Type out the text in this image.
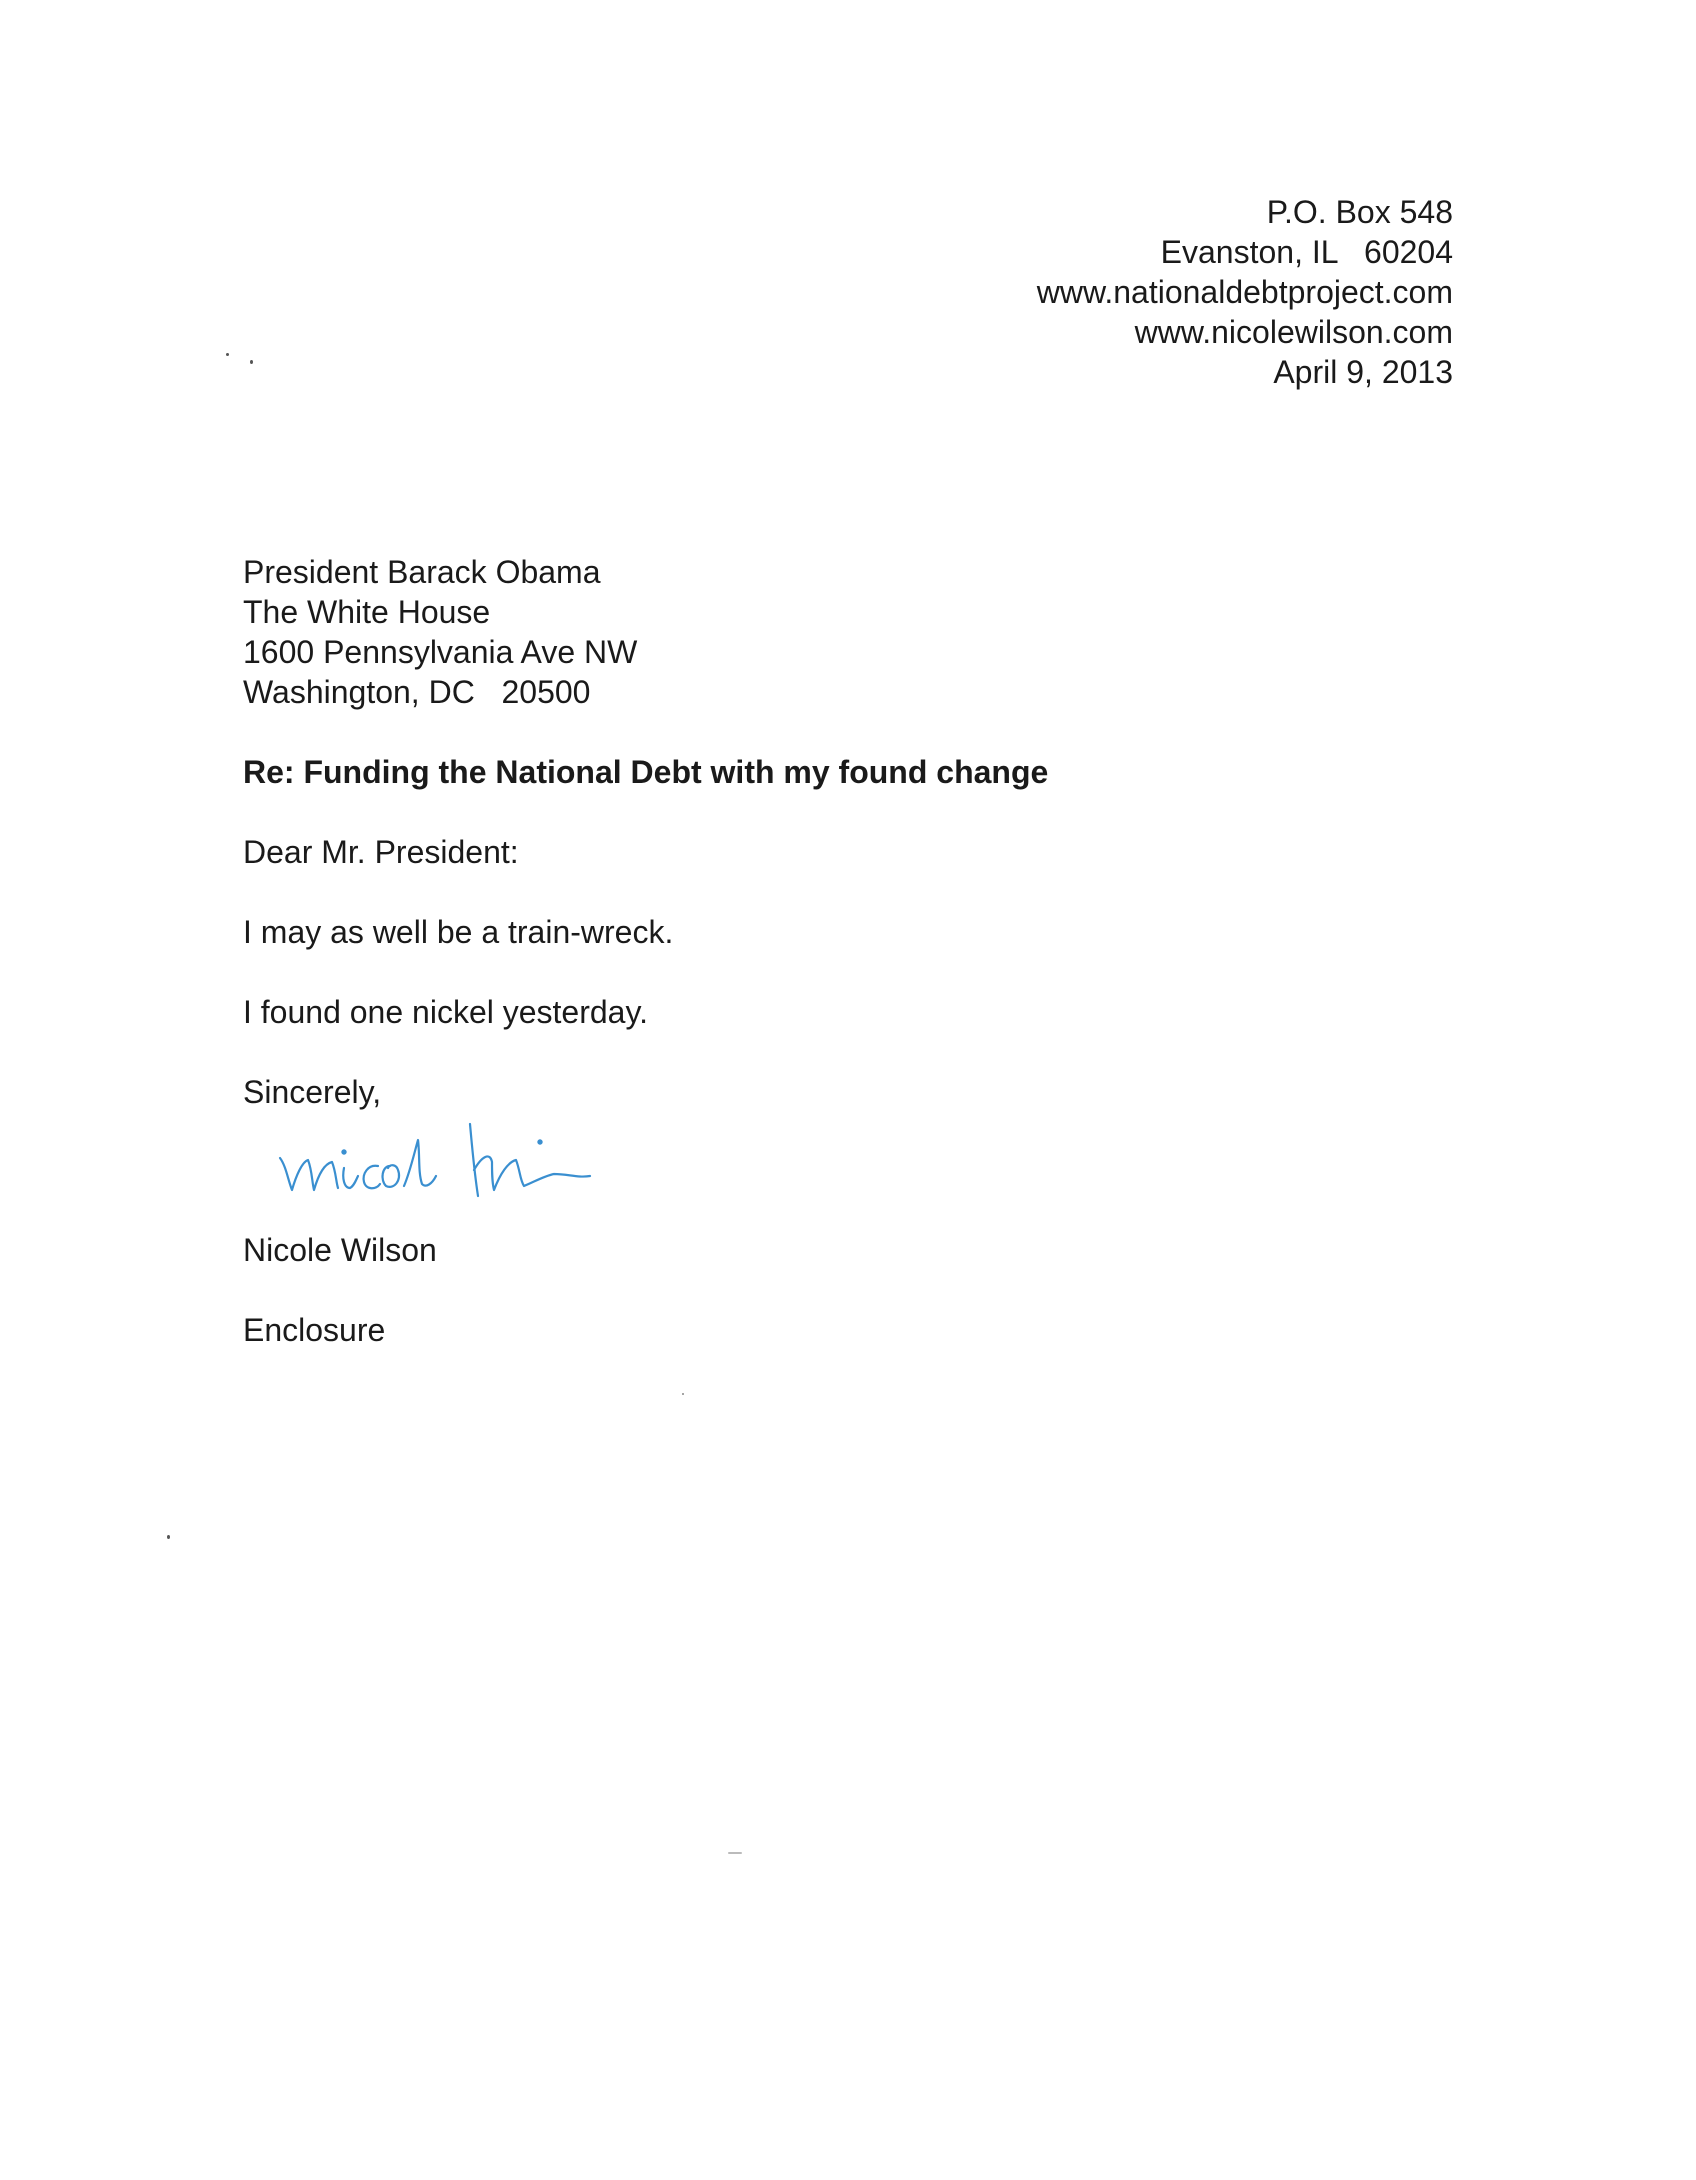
P.O. Box 548
Evanston, IL   60204
www.nationaldebtproject.com
www.nicolewilson.com
April 9, 2013
President Barack Obama
The White House
1600 Pennsylvania Ave NW
Washington, DC   20500
Re: Funding the National Debt with my found change
Dear Mr. President:
I may as well be a train-wreck.
I found one nickel yesterday.
Sincerely,
Nicole Wilson
Enclosure
